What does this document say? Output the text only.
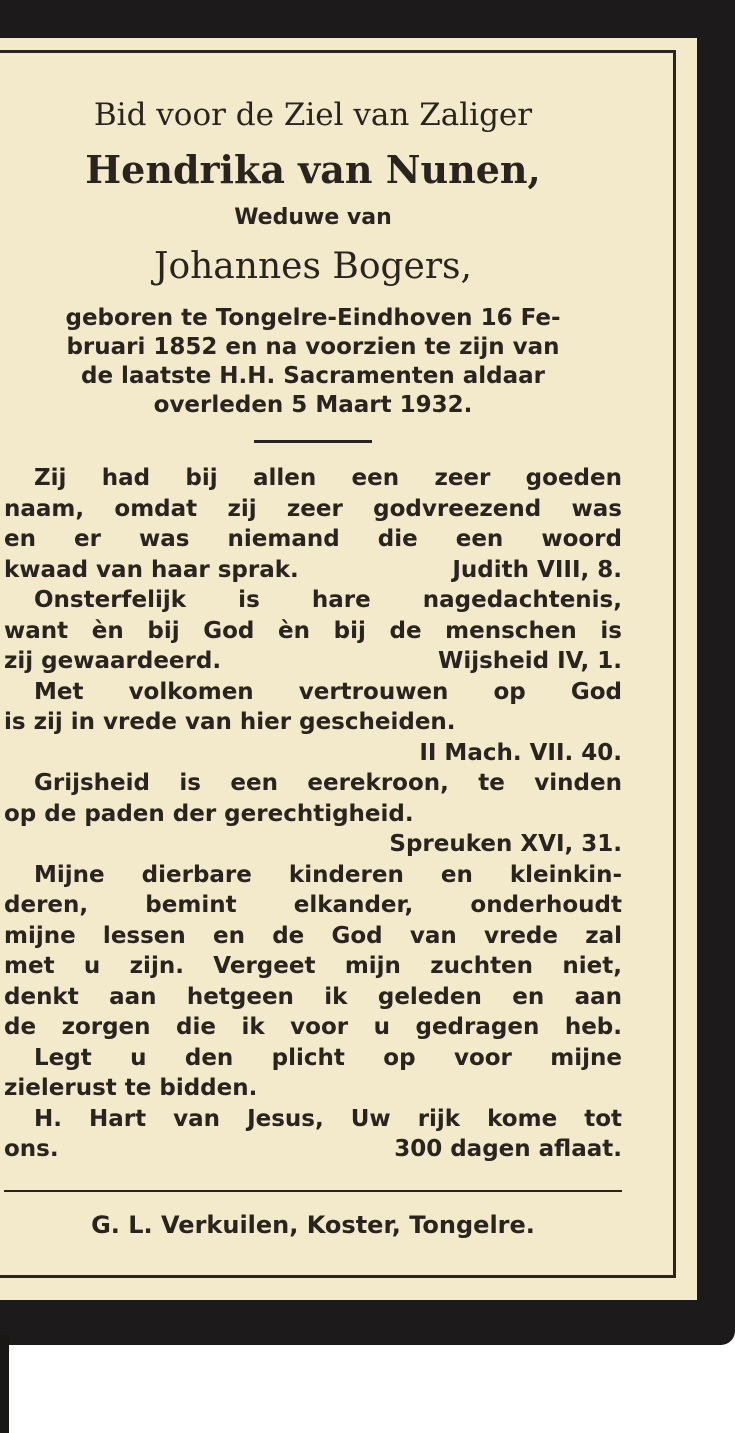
Bid voor de Ziel van Zaliger

Hendrika van Nunen,

Weduwe van

Johannes Bogers,

geboren te Tongelre-Eindhoven 16 Fe-

bruari 1852 en na voorzien te zijn van

de laatste H.H. Sacramenten aldaar

overleden 5 Maart 1932.

Zij had bij allen een zeer goeden

naam, omdat zij zeer godvreezend was

en er was niemand die een woord

kwaad van haar sprak.	Judith VIII, 8.

Onsterfelijk is hare nagedachtenis,

want èn bij God èn bij de menschen is

zij gewaardeerd.	Wijsheid IV, 1.

Met volkomen vertrouwen op God

is zij in vrede van hier gescheiden.

II Mach. VII. 40.

Grijsheid is een eerekroon, te vinden

op de paden der gerechtigheid.

Spreuken XVI, 31.

Mijne dierbare kinderen en kleinkin-

deren, bemint elkander, onderhoudt

mijne lessen en de God van vrede zal

met u zijn. Vergeet mijn zuchten niet,

denkt aan hetgeen ik geleden en aan

de zorgen die ik voor u gedragen heb.

Legt u den plicht op voor mijne

zielerust te bidden.

H. Hart van Jesus, Uw rijk kome tot

ons.	300 dagen aflaat.
G. L. Verkuilen, Koster, Tongelre.
